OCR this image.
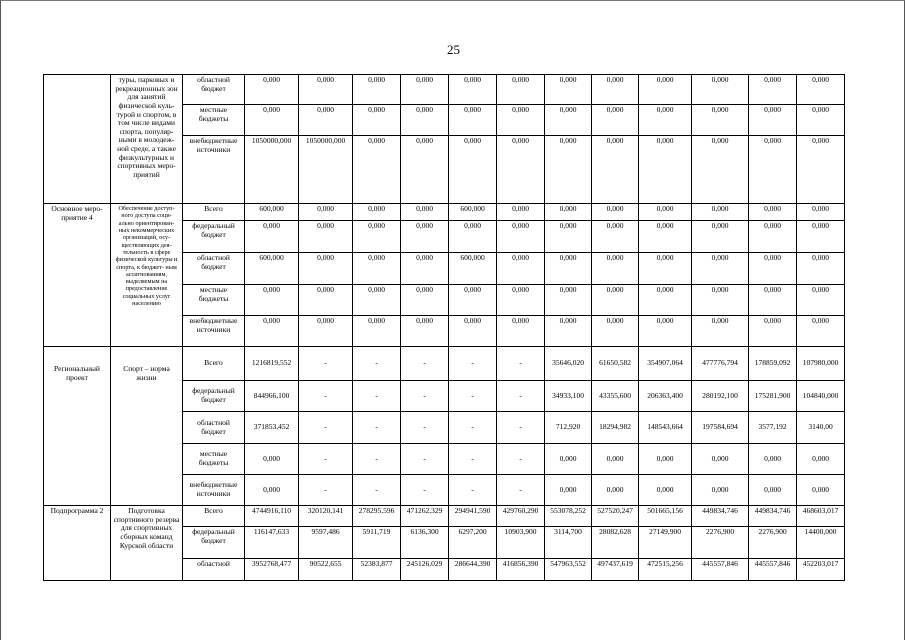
25
	туры, парковых и рекреационных зон для занятий физической куль- турой и спортом, в том числе видами спорта, популяр- ными в молодеж- ной среде, а также физкультурных и спортивных меро- приятий	областной бюджет	0,000	0,000	0,000	0,000	0,000	0,000	0,000	0,000	0,000	0,000	0,000	0,000
		местные бюджеты	0,000	0,000	0,000	0,000	0,000	0,000	0,000	0,000	0,000	0,000	0,000	0,000
		внебюджетные источники	1050000,000	1050000,000	0,000	0,000	0,000	0,000	0,000	0,000	0,000	0,000	0,000	0,000
Основное меро- приятие 4	Обеспечение доступ- ного доступа соци- ально ориентирован- ных некоммерческих организаций, осу- ществляющих дея- тельность в сфере физической культуры и спорта, к бюджет- ным ассигнованиям, выделяемым на предоставление социальных услуг населению	Всего	600,000	0,000	0,000	0,000	600,000	0,000	0,000	0,000	0,000	0,000	0,000	0,000
		федеральный бюджет	0,000	0,000	0,000	0,000	0,000	0,000	0,000	0,000	0,000	0,000	0,000	0,000
		областной бюджет	600,000	0,000	0,000	0,000	600,000	0,000	0,000	0,000	0,000	0,000	0,000	0,000
		местные бюджеты	0,000	0,000	0,000	0,000	0,000	0,000	0,000	0,000	0,000	0,000	0,000	0,000
		внебюджетные источники	0,000	0,000	0,000	0,000	0,000	0,000	0,000	0,000	0,000	0,000	0,000	0,000
Региональный проект	Спорт – норма жизни	Всего	1216819,552	-	-	-	-	-	35646,020	61650,582	354907,064	477776,794	178859,092	107980,000
		федеральный бюджет	844966,100	-	-	-	-	-	34933,100	43355,600	206363,400	280192,100	175281,900	104840,000
		областной бюджет	371853,452	-	-	-	-	-	712,920	18294,982	148543,664	197584,694	3577,192	3140,00
		местные бюджеты	0,000	-	-	-	-	-	0,000	0,000	0,000	0,000	0,000	0,000
		внебюджетные источники	0,000	-	-	-	-	-	0,000	0,000	0,000	0,000	0,000	0,000
Подпрограмма 2	Подготовка спортивного резерва для спортивных сборных команд Курской области	Всего	4744916,110	320120,141	278295,596	471262,329	294941,590	429760,290	553078,252	527520,247	501665,156	449834,746	449834,746	468603,017
		федеральный бюджет	116147,633	9597,486	5911,719	6136,300	6297,200	10903,900	3114,700	28082,628	27149,900	2276,900	2276,900	14400,000
		областной	3952768,477	90522,655	52383,877	245126,029	286644,390	416856,390	547963,552	497437,619	472515,256	445557,846	445557,846	452203,017
